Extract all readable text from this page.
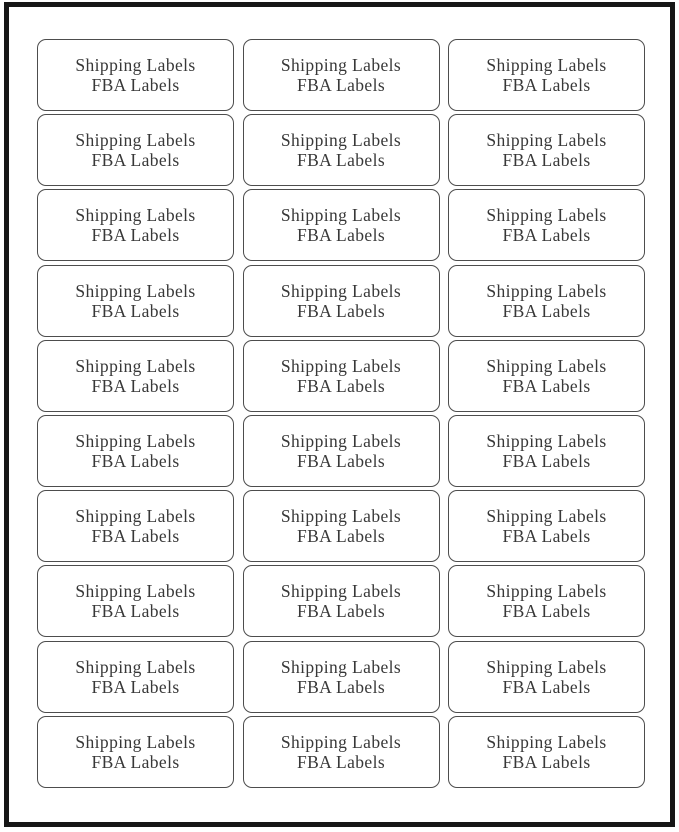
Shipping Labels
FBA Labels
Shipping Labels
FBA Labels
Shipping Labels
FBA Labels
Shipping Labels
FBA Labels
Shipping Labels
FBA Labels
Shipping Labels
FBA Labels
Shipping Labels
FBA Labels
Shipping Labels
FBA Labels
Shipping Labels
FBA Labels
Shipping Labels
FBA Labels
Shipping Labels
FBA Labels
Shipping Labels
FBA Labels
Shipping Labels
FBA Labels
Shipping Labels
FBA Labels
Shipping Labels
FBA Labels
Shipping Labels
FBA Labels
Shipping Labels
FBA Labels
Shipping Labels
FBA Labels
Shipping Labels
FBA Labels
Shipping Labels
FBA Labels
Shipping Labels
FBA Labels
Shipping Labels
FBA Labels
Shipping Labels
FBA Labels
Shipping Labels
FBA Labels
Shipping Labels
FBA Labels
Shipping Labels
FBA Labels
Shipping Labels
FBA Labels
Shipping Labels
FBA Labels
Shipping Labels
FBA Labels
Shipping Labels
FBA Labels
